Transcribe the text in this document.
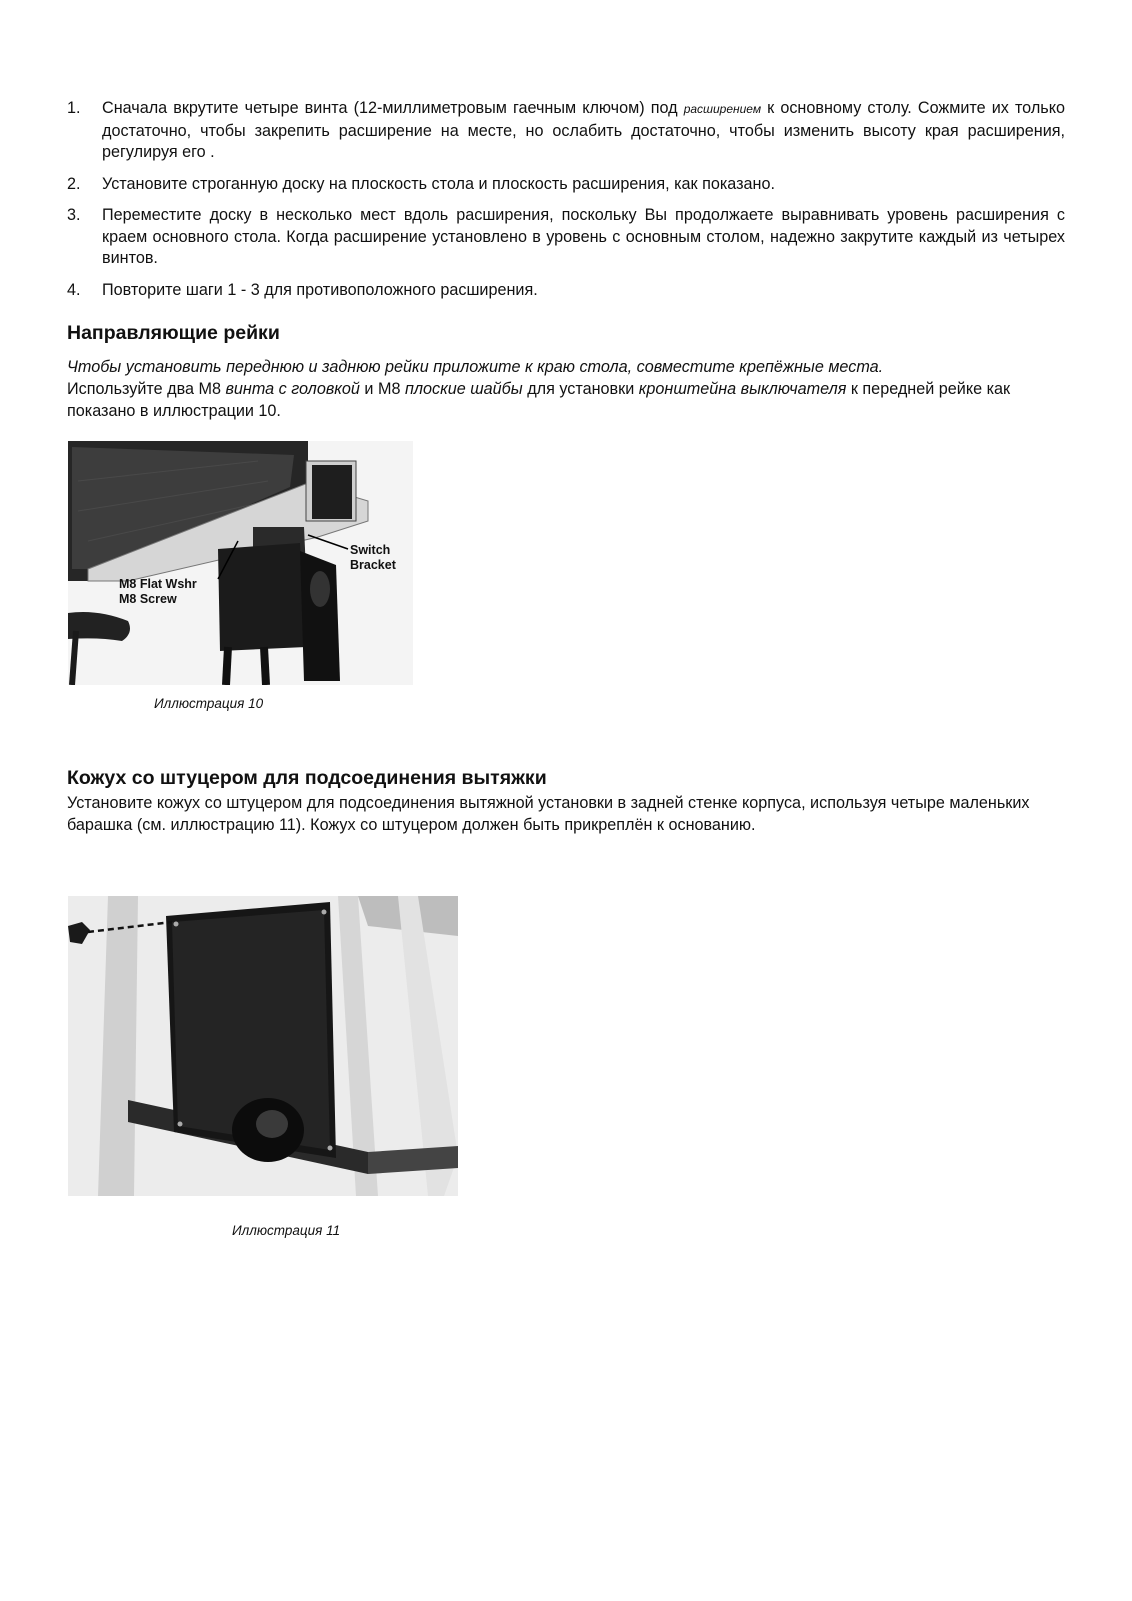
1. Сначала вкрутите четыре винта (12-миллиметровым гаечным ключом) под расширением к основному столу. Сожмите их только достаточно, чтобы закрепить расширение на месте, но ослабить достаточно, чтобы изменить высоту края расширения, регулируя его .
2. Установите строганную доску на плоскость стола и плоскость расширения, как показано.
3. Переместите доску в несколько мест вдоль расширения, поскольку Вы продолжаете выравнивать уровень расширения с краем основного стола. Когда расширение установлено в уровень с основным столом, надежно закрутите каждый из четырех винтов.
4. Повторите шаги 1 - 3 для противоположного расширения.
Направляющие рейки

Чтобы установить переднюю и заднюю рейки приложите к краю стола, совместите крепёжные места.
Используйте два М8 винта с головкой и М8 плоские шайбы для установки кронштейна выключателя к передней рейке как показано в иллюстрации 10.

Switch
Bracket
M8 Flat Wshr
M8 Screw
Иллюстрация 10
Кожух со штуцером для подсоединения вытяжки

Установите кожух со штуцером для подсоединения вытяжной установки в задней стенке корпуса, используя четыре маленьких барашка (см. иллюстрацию 11). Кожух со штуцером должен быть прикреплён к основанию.

Иллюстрация 11
